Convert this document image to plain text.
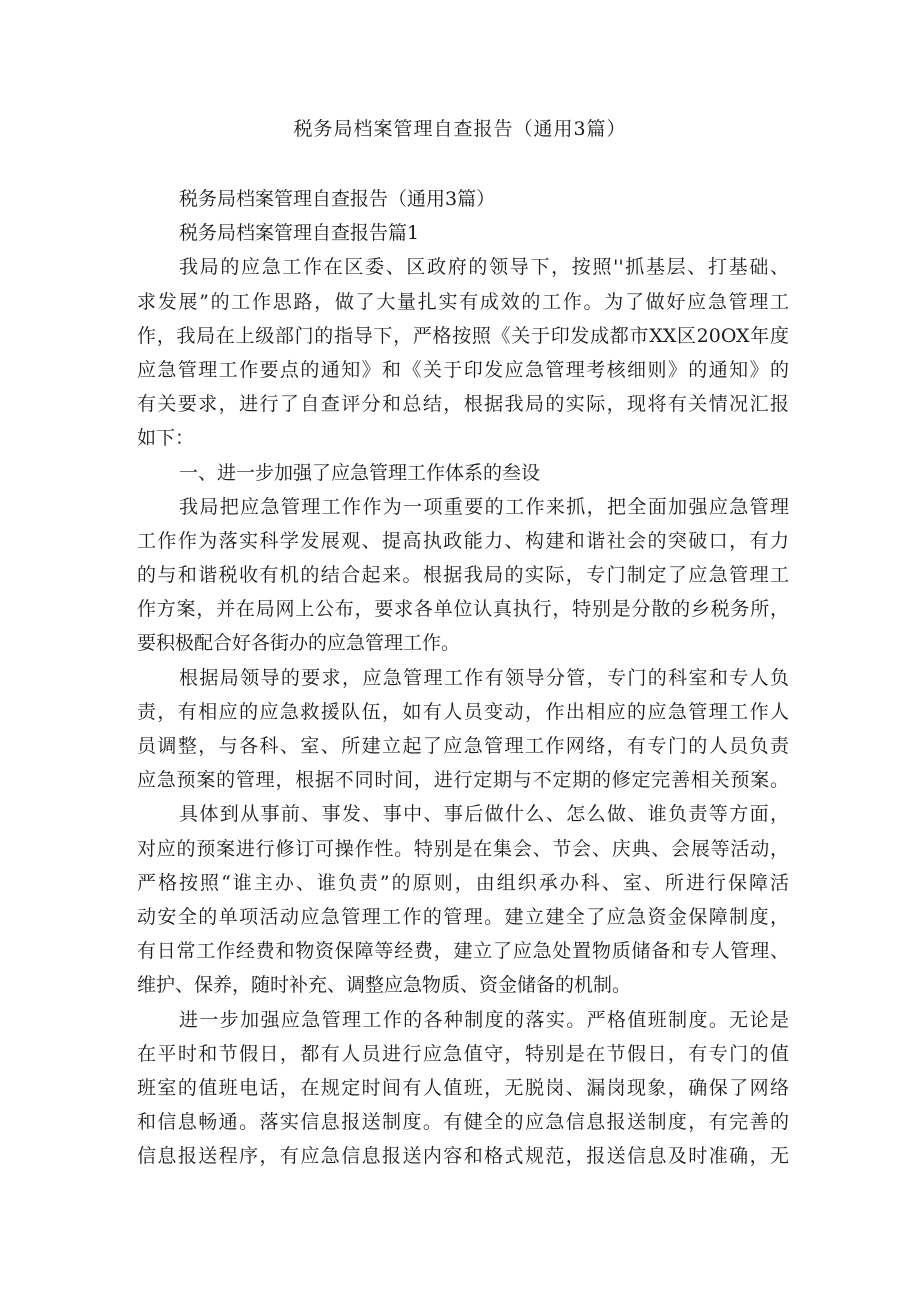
税务局档案管理自查报告（通用3篇）
税务局档案管理自查报告（通用3篇）
税务局档案管理自查报告篇1
我局的应急工作在区委、区政府的领导下，按照''抓基层、打基础、
求发展”的工作思路，做了大量扎实有成效的工作。为了做好应急管理工
作，我局在上级部门的指导下，严格按照《关于印发成都市XX区20OX年度
应急管理工作要点的通知》和《关于印发应急管理考核细则》的通知》的
有关要求，进行了自查评分和总结，根据我局的实际，现将有关情况汇报
如下：
一、进一步加强了应急管理工作体系的叁设
我局把应急管理工作作为一项重要的工作来抓，把全面加强应急管理
工作作为落实科学发展观、提高执政能力、构建和谐社会的突破口，有力
的与和谐税收有机的结合起来。根据我局的实际，专门制定了应急管理工
作方案，并在局网上公布，要求各单位认真执行，特别是分散的乡税务所，
要积极配合好各街办的应急管理工作。
根据局领导的要求，应急管理工作有领导分管，专门的科室和专人负
责，有相应的应急救援队伍，如有人员变动，作出相应的应急管理工作人
员调整，与各科、室、所建立起了应急管理工作网络，有专门的人员负责
应急预案的管理，根据不同时间，进行定期与不定期的修定完善相关预案。
具体到从事前、事发、事中、事后做什么、怎么做、谁负责等方面，
对应的预案进行修订可操作性。特别是在集会、节会、庆典、会展等活动，
严格按照“谁主办、谁负责”的原则，由组织承办科、室、所进行保障活
动安全的单项活动应急管理工作的管理。建立建全了应急资金保障制度，
有日常工作经费和物资保障等经费，建立了应急处置物质储备和专人管理、
维护、保养，随时补充、调整应急物质、资金储备的机制。
进一步加强应急管理工作的各种制度的落实。严格值班制度。无论是
在平时和节假日，都有人员进行应急值守，特别是在节假日，有专门的值
班室的值班电话，在规定时间有人值班，无脱岗、漏岗现象，确保了网络
和信息畅通。落实信息报送制度。有健全的应急信息报送制度，有完善的
信息报送程序，有应急信息报送内容和格式规范，报送信息及时准确，无
